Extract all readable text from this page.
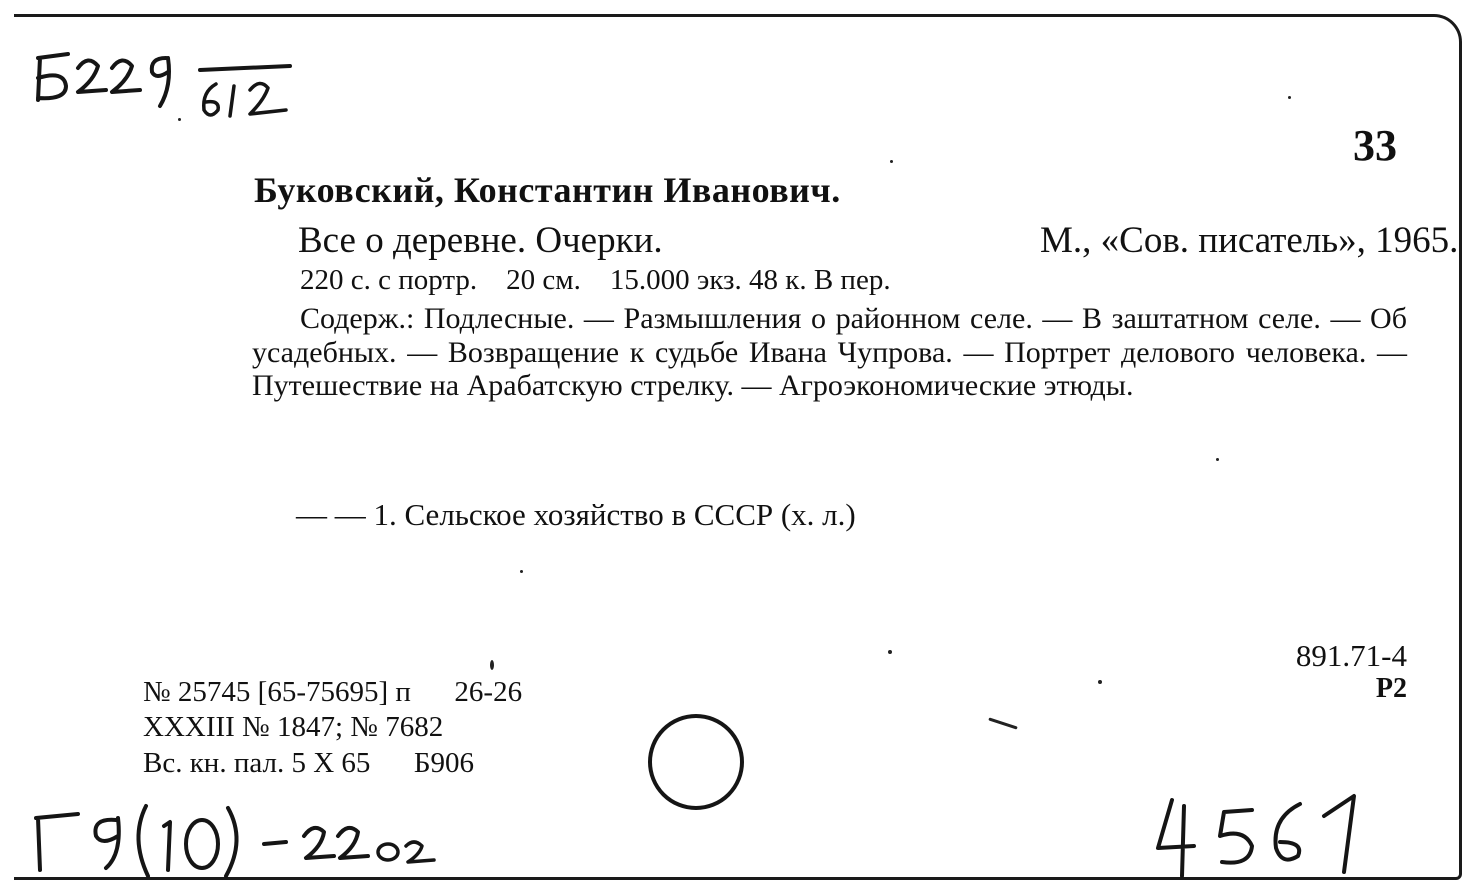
33
Буковский, Константин Иванович.
Все о деревне. Очерки.	М., «Сов. писатель», 1965.
220 с. с портр.    20 см.    15.000 экз. 48 к. В пер.
Содерж.: Подлесные. — Размышления о районном селе. — В заштатном селе. — Об усадебных. — Возвращение к судьбе Ивана Чупрова. — Портрет делового человека. — Путешествие на Арабатскую стрелку. — Агроэкономические этюды.
— — 1. Сельское хозяйство в СССР (х. л.)
891.71-4
Р2
№ 25745 [65-75695] п      26-26
XXXIII № 1847; № 7682
Вс. кн. пал. 5 X 65      Б906
